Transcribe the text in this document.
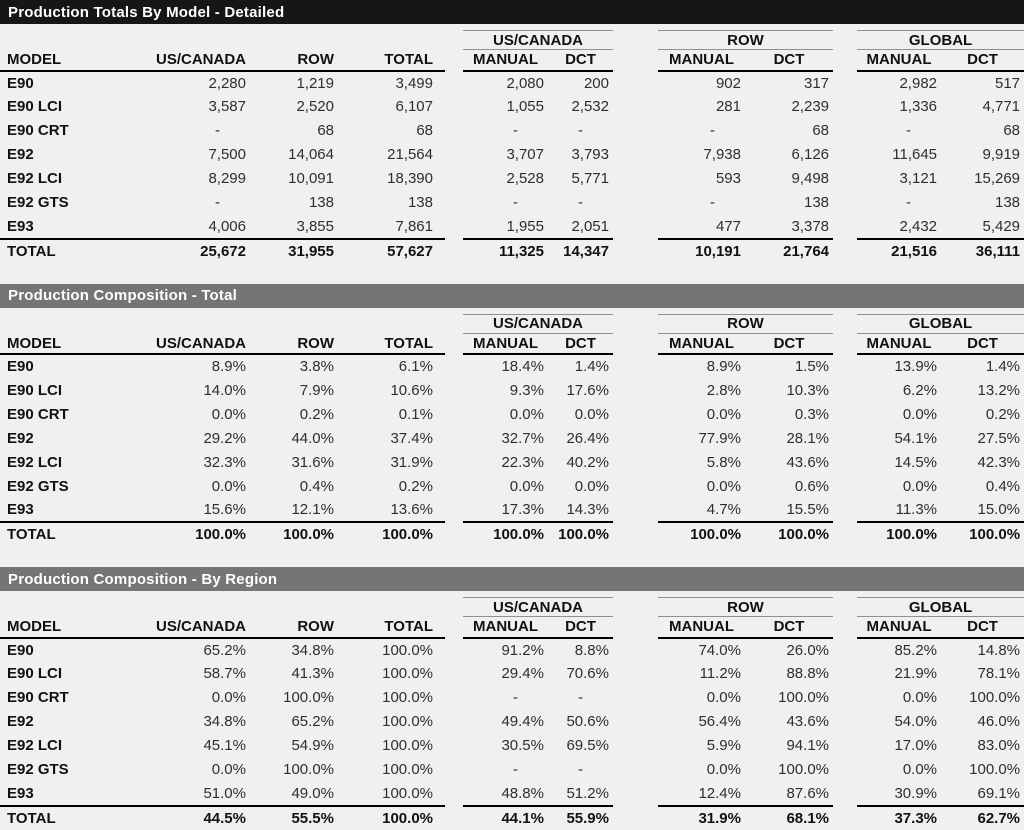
Production Totals By Model - Detailed
					US/CANADA			ROW			GLOBAL	
MODEL	US/CANADA	ROW	TOTAL		MANUAL	DCT		MANUAL	DCT		MANUAL	DCT
E90	2,280	1,219	3,499		2,080	200		902	317		2,982	517
E90 LCI	3,587	2,520	6,107		1,055	2,532		281	2,239		1,336	4,771
E90 CRT	-	68	68		-	-		-	68		-	68
E92	7,500	14,064	21,564		3,707	3,793		7,938	6,126		11,645	9,919
E92 LCI	8,299	10,091	18,390		2,528	5,771		593	9,498		3,121	15,269
E92 GTS	-	138	138		-	-		-	138		-	138
E93	4,006	3,855	7,861		1,955	2,051		477	3,378		2,432	5,429
TOTAL	25,672	31,955	57,627		11,325	14,347		10,191	21,764		21,516	36,111
Production Composition - Total
					US/CANADA			ROW			GLOBAL	
MODEL	US/CANADA	ROW	TOTAL		MANUAL	DCT		MANUAL	DCT		MANUAL	DCT
E90	8.9%	3.8%	6.1%		18.4%	1.4%		8.9%	1.5%		13.9%	1.4%
E90 LCI	14.0%	7.9%	10.6%		9.3%	17.6%		2.8%	10.3%		6.2%	13.2%
E90 CRT	0.0%	0.2%	0.1%		0.0%	0.0%		0.0%	0.3%		0.0%	0.2%
E92	29.2%	44.0%	37.4%		32.7%	26.4%		77.9%	28.1%		54.1%	27.5%
E92 LCI	32.3%	31.6%	31.9%		22.3%	40.2%		5.8%	43.6%		14.5%	42.3%
E92 GTS	0.0%	0.4%	0.2%		0.0%	0.0%		0.0%	0.6%		0.0%	0.4%
E93	15.6%	12.1%	13.6%		17.3%	14.3%		4.7%	15.5%		11.3%	15.0%
TOTAL	100.0%	100.0%	100.0%		100.0%	100.0%		100.0%	100.0%		100.0%	100.0%
Production Composition - By Region
					US/CANADA			ROW			GLOBAL	
MODEL	US/CANADA	ROW	TOTAL		MANUAL	DCT		MANUAL	DCT		MANUAL	DCT
E90	65.2%	34.8%	100.0%		91.2%	8.8%		74.0%	26.0%		85.2%	14.8%
E90 LCI	58.7%	41.3%	100.0%		29.4%	70.6%		11.2%	88.8%		21.9%	78.1%
E90 CRT	0.0%	100.0%	100.0%		-	-		0.0%	100.0%		0.0%	100.0%
E92	34.8%	65.2%	100.0%		49.4%	50.6%		56.4%	43.6%		54.0%	46.0%
E92 LCI	45.1%	54.9%	100.0%		30.5%	69.5%		5.9%	94.1%		17.0%	83.0%
E92 GTS	0.0%	100.0%	100.0%		-	-		0.0%	100.0%		0.0%	100.0%
E93	51.0%	49.0%	100.0%		48.8%	51.2%		12.4%	87.6%		30.9%	69.1%
TOTAL	44.5%	55.5%	100.0%		44.1%	55.9%		31.9%	68.1%		37.3%	62.7%
